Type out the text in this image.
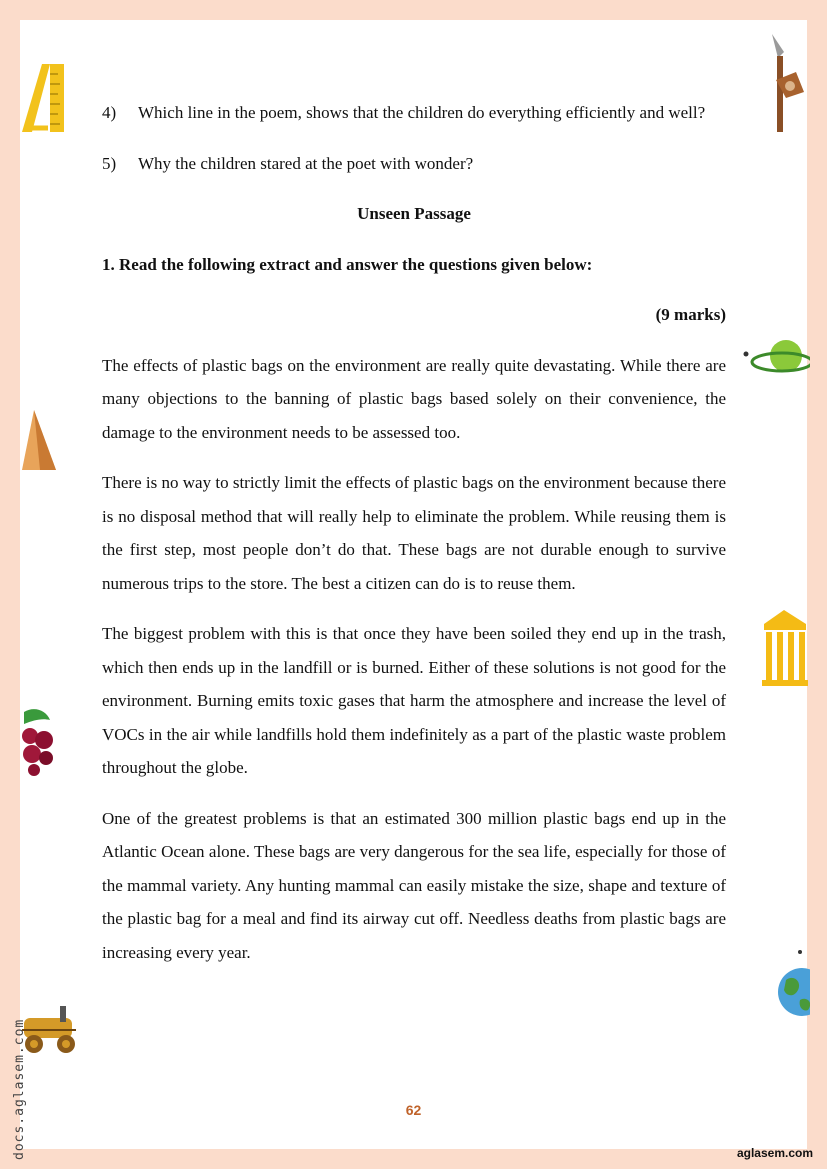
4)	Which line in the poem, shows that the children do everything efficiently and well?
5)	Why the children stared at the poet with wonder?
Unseen Passage
1. Read the following extract and answer the questions given below:
(9 marks)

The effects of plastic bags on the environment are really quite devastating. While there are many objections to the banning of plastic bags based solely on their convenience, the damage to the environment needs to be assessed too.

There is no way to strictly limit the effects of plastic bags on the environment because there is no disposal method that will really help to eliminate the problem. While reusing them is the first step, most people don’t do that. These bags are not durable enough to survive numerous trips to the store. The best a citizen can do is to reuse them.

The biggest problem with this is that once they have been soiled they end up in the trash, which then ends up in the landfill or is burned. Either of these solutions is not good for the environment. Burning emits toxic gases that harm the atmosphere and increase the level of VOCs in the air while landfills hold them indefinitely as a part of the plastic waste problem throughout the globe.

One of the greatest problems is that an estimated 300 million plastic bags end up in the Atlantic Ocean alone. These bags are very dangerous for the sea life, especially for those of the mammal variety. Any hunting mammal can easily mistake the size, shape and texture of the plastic bag for a meal and find its airway cut off. Needless deaths from plastic bags are increasing every year.

62
aglasem.com
docs.aglasem.com
